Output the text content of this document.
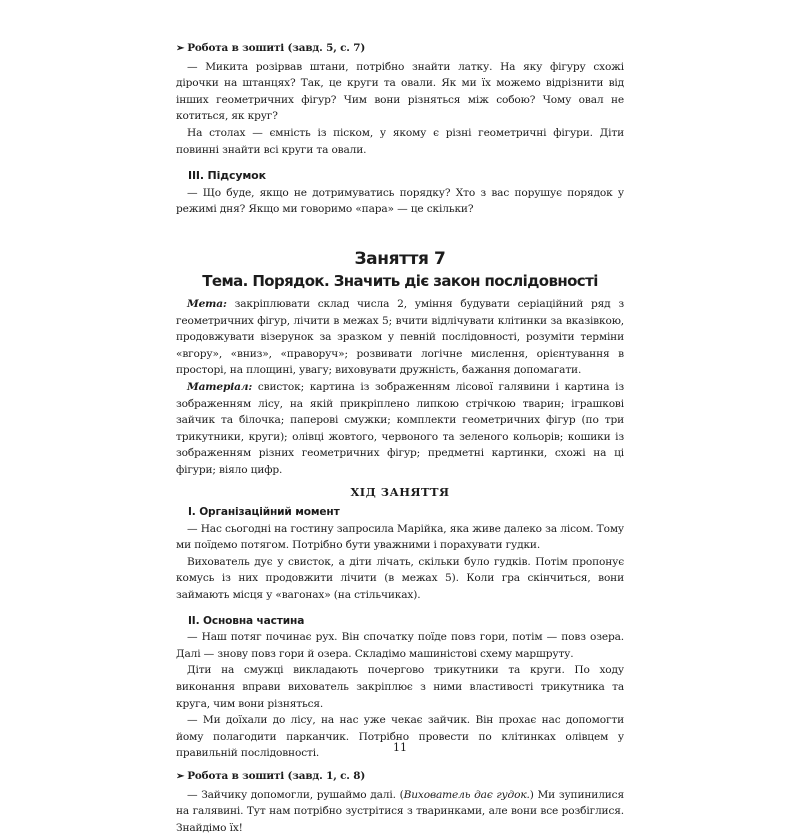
➢ Робота в зошиті (завд. 5, с. 7)

— Микита розірвав штани, потрібно знайти латку. На яку фігуру схожі дірочки на штанцях? Так, це круги та овали. Як ми їх можемо відрізнити від інших геометричних фігур? Чим вони різняться між собою? Чому овал не котиться, як круг?

На столах — ємність із піском, у якому є різні геометричні фігури. Діти повинні знайти всі круги та овали.

III. Підсумок

— Що буде, якщо не дотримуватись порядку? Хто з вас порушує порядок у режимі дня? Якщо ми говоримо «пара» — це скільки?

Заняття 7
Тема. Порядок. Значить діє закон послідовності

Мета: закріплювати склад числа 2, уміння будувати серіаційний ряд з геометричних фігур, лічити в межах 5; вчити відлічувати клітинки за вказівкою, продовжувати візерунок за зразком у певній послідовності, розуміти терміни «вгору», «вниз», «праворуч»; розвивати логічне мислення, орієнтування в просторі, на площині, увагу; виховувати дружність, бажання допомагати.

Матеріал: свисток; картина із зображенням лісової галявини і картина із зображенням лісу, на якій прикріплено липкою стрічкою тварин; іграшкові зайчик та білочка; паперові смужки; комплекти геометричних фігур (по три трикутники, круги); олівці жовтого, червоного та зеленого кольорів; кошики із зображенням різних геометричних фігур; предметні картинки, схожі на ці фігури; віяло цифр.

ХІД ЗАНЯТТЯ

I. Організаційний момент

— Нас сьогодні на гостину запросила Марійка, яка живе далеко за лісом. Тому ми поїдемо потягом. Потрібно бути уважними і порахувати гудки.

Вихователь дує у свисток, а діти лічать, скільки було гудків. Потім пропонує комусь із них продовжити лічити (в межах 5). Коли гра скінчиться, вони займають місця у «вагонах» (на стільчиках).

II. Основна частина

— Наш потяг починає рух. Він спочатку поїде повз гори, потім — повз озера. Далі — знову повз гори й озера. Складімо машиністові схему маршруту.

Діти на смужці викладають почергово трикутники та круги. По ходу виконання вправи вихователь закріплює з ними властивості трикутника та круга, чим вони різняться.

— Ми доїхали до лісу, на нас уже чекає зайчик. Він прохає нас допомогти йому полагодити парканчик. Потрібно провести по клітинках олівцем у правильній послідовності.

➢ Робота в зошиті (завд. 1, с. 8)

— Зайчику допомогли, рушаймо далі. (Вихователь дає гудок.) Ми зупинилися на галявині. Тут нам потрібно зустрітися з тваринками, але вони все розбіглися. Знайдімо їх!

11
